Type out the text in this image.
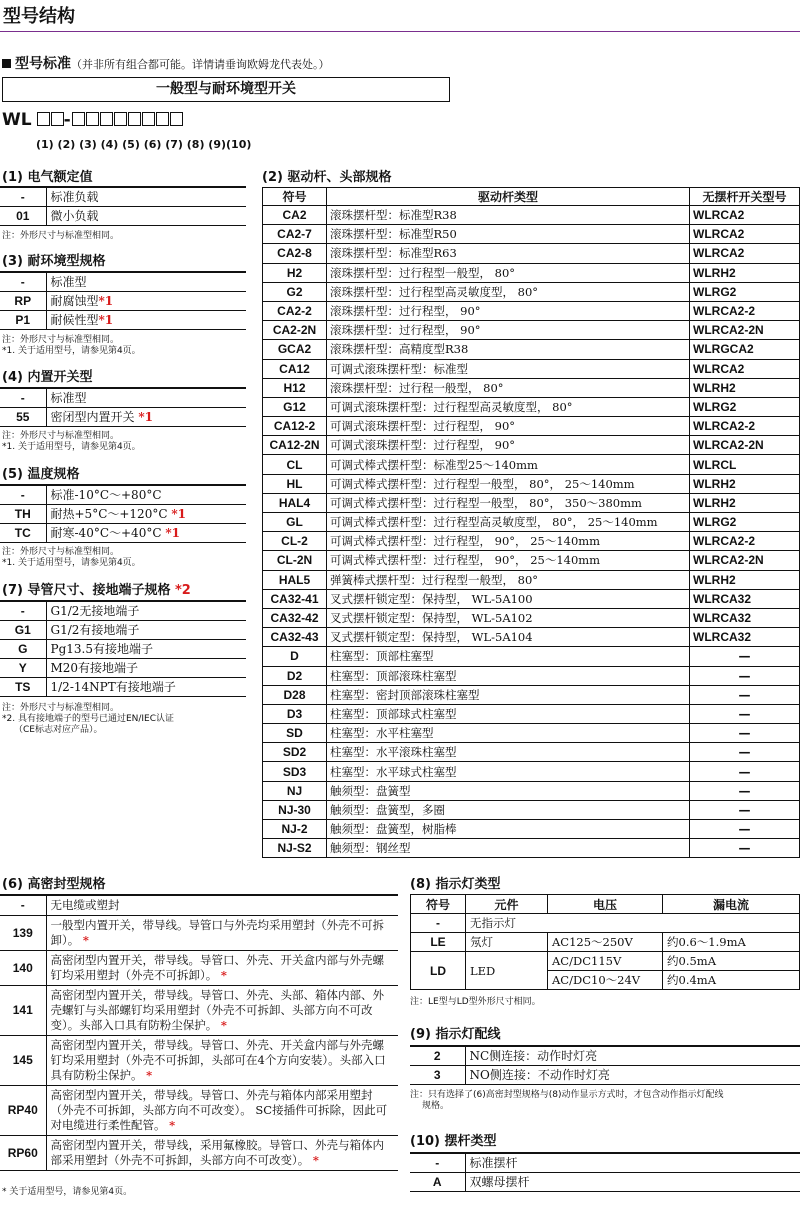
型号结构
型号标准（并非所有组合都可能。详情请垂询欧姆龙代表处。）
一般型与耐环境型开关
WL -
(1) (2) (3) (4) (5) (6) (7) (8) (9)(10)
(1) 电气额定值
-	标准负载
01	微小负载
注：外形尺寸与标准型相同。
(3) 耐环境型规格
-	标准型
RP	耐腐蚀型*1
P1	耐候性型*1
注：外形尺寸与标准型相同。
*1. 关于适用型号，请参见第4页。
(4) 内置开关型
-	标准型
55	密闭型内置开关 *1
注：外形尺寸与标准型相同。
*1. 关于适用型号，请参见第4页。
(5) 温度规格
-	标准-10°C～+80°C
TH	耐热+5°C～+120°C *1
TC	耐寒-40°C～+40°C *1
注：外形尺寸与标准型相同。
*1. 关于适用型号，请参见第4页。
(7) 导管尺寸、接地端子规格 *2
-	G1/2无接地端子
G1	G1/2有接地端子
G	Pg13.5有接地端子
Y	M20有接地端子
TS	1/2-14NPT有接地端子
注：外形尺寸与标准型相同。
*2. 具有接地端子的型号已通过EN/IEC认证
（CE标志对应产品）。
(2) 驱动杆、头部规格
符号	驱动杆类型	无摆杆开关型号
CA2	滚珠摆杆型：标准型R38	WLRCA2
CA2-7	滚珠摆杆型：标准型R50	WLRCA2
CA2-8	滚珠摆杆型：标准型R63	WLRCA2
H2	滚珠摆杆型：过行程型一般型， 80°	WLRH2
G2	滚珠摆杆型：过行程型高灵敏度型， 80°	WLRG2
CA2-2	滚珠摆杆型：过行程型， 90°	WLRCA2-2
CA2-2N	滚珠摆杆型：过行程型， 90°	WLRCA2-2N
GCA2	滚珠摆杆型：高精度型R38	WLRGCA2
CA12	可调式滚珠摆杆型：标准型	WLRCA2
H12	滚珠摆杆型：过行程一般型， 80°	WLRH2
G12	可调式滚珠摆杆型：过行程型高灵敏度型， 80°	WLRG2
CA12-2	可调式滚珠摆杆型：过行程型， 90°	WLRCA2-2
CA12-2N	可调式滚珠摆杆型：过行程型， 90°	WLRCA2-2N
CL	可调式棒式摆杆型：标准型25～140mm	WLRCL
HL	可调式棒式摆杆型：过行程型一般型， 80°， 25～140mm	WLRH2
HAL4	可调式棒式摆杆型：过行程型一般型， 80°， 350～380mm	WLRH2
GL	可调式棒式摆杆型：过行程型高灵敏度型， 80°， 25～140mm	WLRG2
CL-2	可调式棒式摆杆型：过行程型， 90°， 25～140mm	WLRCA2-2
CL-2N	可调式棒式摆杆型：过行程型， 90°， 25～140mm	WLRCA2-2N
HAL5	弹簧棒式摆杆型：过行程型一般型， 80°	WLRH2
CA32-41	叉式摆杆锁定型：保持型， WL-5A100	WLRCA32
CA32-42	叉式摆杆锁定型：保持型， WL-5A102	WLRCA32
CA32-43	叉式摆杆锁定型：保持型， WL-5A104	WLRCA32
D	柱塞型：顶部柱塞型	—
D2	柱塞型：顶部滚珠柱塞型	—
D28	柱塞型：密封顶部滚珠柱塞型	—
D3	柱塞型：顶部球式柱塞型	—
SD	柱塞型：水平柱塞型	—
SD2	柱塞型：水平滚珠柱塞型	—
SD3	柱塞型：水平球式柱塞型	—
NJ	触须型：盘簧型	—
NJ-30	触须型：盘簧型，多圈	—
NJ-2	触须型：盘簧型，树脂棒	—
NJ-S2	触须型：钢丝型	—
(6) 高密封型规格
-	无电缆或塑封
139	一般型内置开关，带导线。导管口与外壳均采用塑封（外壳不可拆卸）。 *
140	高密闭型内置开关，带导线。导管口、外壳、开关盒内部与外壳螺钉均采用塑封（外壳不可拆卸）。 *
141	高密闭型内置开关，带导线。导管口、外壳、头部、箱体内部、外壳螺钉与头部螺钉均采用塑封（外壳不可拆卸、头部方向不可改变）。头部入口具有防粉尘保护。 *
145	高密闭型内置开关，带导线。导管口、外壳、开关盒内部与外壳螺钉均采用塑封（外壳不可拆卸，头部可在4个方向安装）。头部入口具有防粉尘保护。 *
RP40	高密闭型内置开关，带导线。导管口、外壳与箱体内部采用塑封（外壳不可拆卸，头部方向不可改变）。 SC接插件可拆除，因此可对电缆进行柔性配管。 *
RP60	高密闭型内置开关，带导线，采用氟橡胶。导管口、外壳与箱体内部采用塑封（外壳不可拆卸，头部方向不可改变）。 *
* 关于适用型号，请参见第4页。
(8) 指示灯类型
符号	元件	电压	漏电流
-	无指示灯		
LE	氖灯	AC125～250V	约0.6～1.9mA
LD	LED	AC/DC115V	约0.5mA
		AC/DC10～24V	约0.4mA
注：LE型与LD型外形尺寸相同。
(9) 指示灯配线
2	NC侧连接：动作时灯亮
3	NO侧连接：不动作时灯亮
注：只有选择了(6)高密封型规格与(8)动作显示方式时，才包含动作指示灯配线
规格。
(10) 摆杆类型
-	标准摆杆
A	双螺母摆杆
